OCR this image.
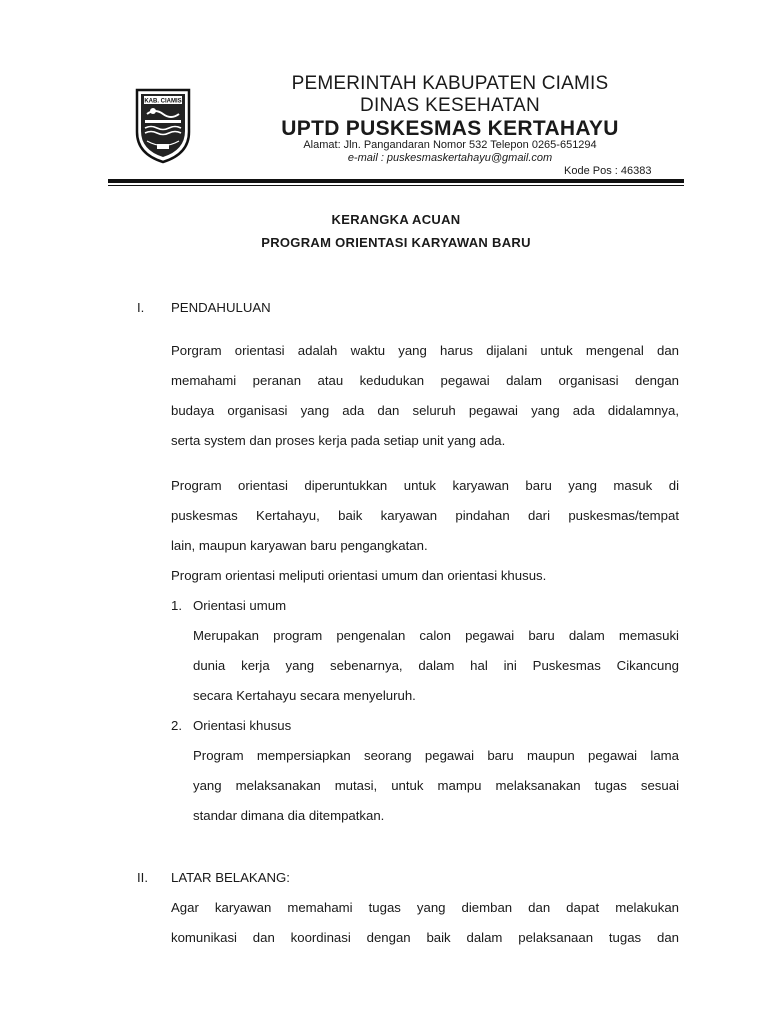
KAB. CIAMIS
PEMERINTAH KABUPATEN CIAMIS
DINAS KESEHATAN
UPTD PUSKESMAS KERTAHAYU
Alamat: Jln. Pangandaran Nomor 532 Telepon 0265-651294
e-mail : puskesmaskertahayu@gmail.com
Kode Pos : 46383
KERANGKA ACUAN
PROGRAM ORIENTASI KARYAWAN BARU
I. PENDAHULUAN
Porgram orientasi adalah waktu yang harus dijalani untuk mengenal dan
memahami peranan atau kedudukan pegawai dalam organisasi dengan
budaya organisasi yang ada dan seluruh pegawai yang ada didalamnya,
serta system dan proses kerja pada setiap unit yang ada.
Program orientasi diperuntukkan untuk karyawan baru yang masuk di
puskesmas Kertahayu, baik karyawan pindahan dari puskesmas/tempat
lain, maupun karyawan baru pengangkatan.
Program orientasi meliputi orientasi umum dan orientasi khusus.
1. Orientasi umum
Merupakan program pengenalan calon pegawai baru dalam memasuki
dunia kerja yang sebenarnya, dalam hal ini Puskesmas Cikancung
secara Kertahayu secara menyeluruh.
2. Orientasi khusus
Program mempersiapkan seorang pegawai baru maupun pegawai lama
yang melaksanakan mutasi, untuk mampu melaksanakan tugas sesuai
standar dimana dia ditempatkan.
II. LATAR BELAKANG:
Agar karyawan memahami tugas yang diemban dan dapat melakukan
komunikasi dan koordinasi dengan baik dalam pelaksanaan tugas dan
